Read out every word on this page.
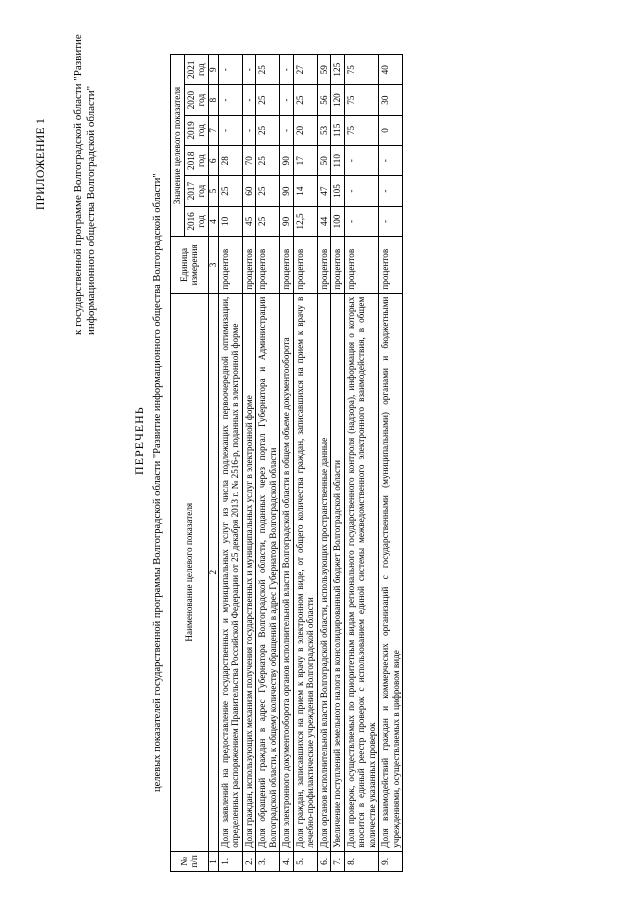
ПРИЛОЖЕНИЕ 1 к государственной программе Волгоградской области "Развитие информационного общества Волгоградской области"
ПЕРЕЧЕНЬ целевых показателей государственной программы Волгоградской области "Развитие информационного общества Волгоградской области"
№ п/п	Наименование целевого показателя	Единица измерения	Значение целевого показателя					
			2016 год	2017 год	2018 год	2019 год	2020 год	2021 год
1	2	3	4	5	6	7	8	9
1.	Доля заявлений на предоставление государственных и муниципальных услуг из числа подлежащих первоочередной оптимизации, определенных распоряжением Правительства Российской Федерации от 25 декабря 2013 г. № 2516-р, поданных в электронной форме	процентов	10	25	28	-	-	-
2.	Доля граждан, использующих механизм получения государственных и муниципальных услуг в электронной форме	процентов	45	60	70	-	-	-
3.	Доля обращений граждан в адрес Губернатора Волгоградской области, поданных через портал Губернатора и Администрации Волгоградской области, к общему количеству обращений в адрес Губернатора Волгоградской области	процентов	25	25	25	25	25	25
4.	Доля электронного документооборота органов исполнительной власти Волгоградской области в общем объеме документооборота	процентов	90	90	90	-	-	-
5.	Доля граждан, записавшихся на прием к врачу в электронном виде, от общего количества граждан, записавшихся на прием к врачу в лечебно-профилактические учреждения Волгоградской области	процентов	12,5	14	17	20	25	27
6.	Доля органов исполнительной власти Волгоградской области, использующих пространственные данные	процентов	44	47	50	53	56	59
7.	Увеличение поступлений земельного налога в консолидированный бюджет Волгоградской области	процентов	100	105	110	115	120	125
8.	Доля проверок, осуществляемых по приоритетным видам регионального государственного контроля (надзора), информация о которых вносится в единый реестр проверок с использованием единой системы межведомственного электронного взаимодействия, в общем количестве указанных проверок	процентов	-	-	-	75	75	75
9.	Доля взаимодействий граждан и коммерческих организаций с государственными (муниципальными) органами и бюджетными учреждениями, осуществляемых в цифровом виде	процентов	-	-	-	0	30	40
